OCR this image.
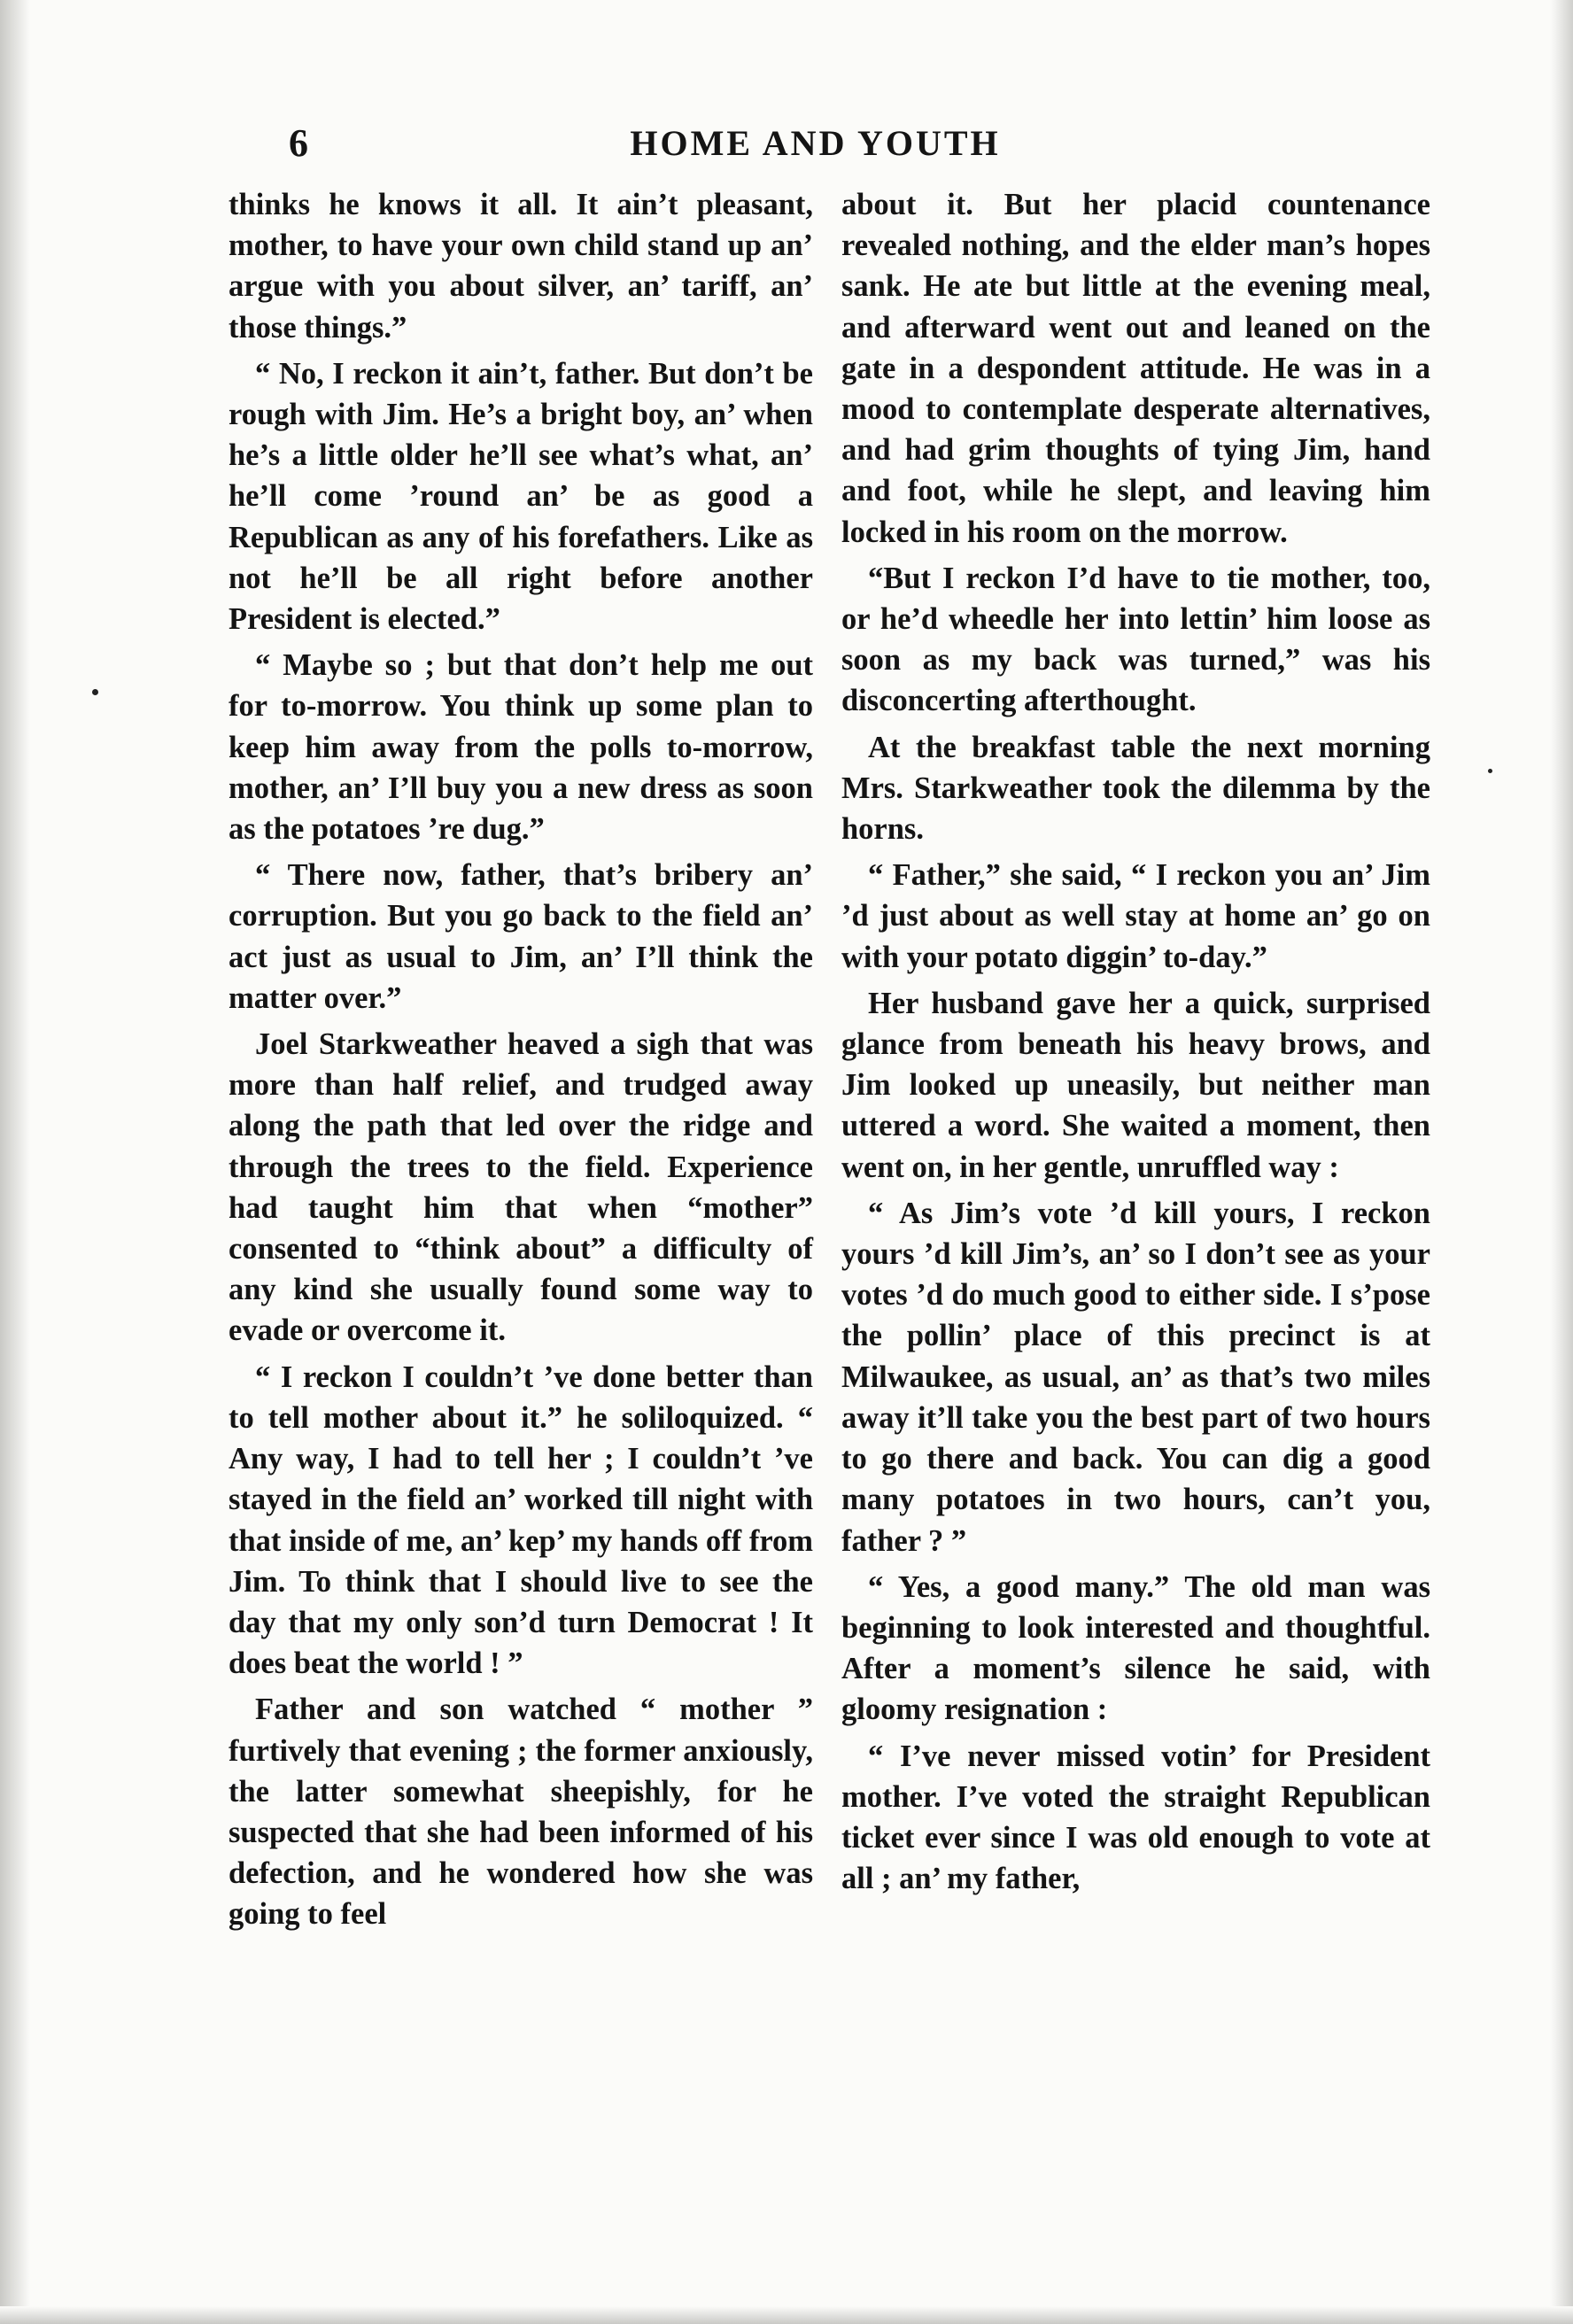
6	HOME AND YOUTH

thinks he knows it all. It ain’t pleasant, mother, to have your own child stand up an’ argue with you about silver, an’ tariff, an’ those things.”

“ No, I reckon it ain’t, father. But don’t be rough with Jim. He’s a bright boy, an’ when he’s a little older he’ll see what’s what, an’ he’ll come ’round an’ be as good a Republican as any of his forefathers. Like as not he’ll be all right before another President is elected.”

“ Maybe so ; but that don’t help me out for to-morrow. You think up some plan to keep him away from the polls to-morrow, mother, an’ I’ll buy you a new dress as soon as the potatoes ’re dug.”

“ There now, father, that’s bribery an’ corruption. But you go back to the field an’ act just as usual to Jim, an’ I’ll think the matter over.”

Joel Starkweather heaved a sigh that was more than half relief, and trudged away along the path that led over the ridge and through the trees to the field. Experience had taught him that when “mother” consented to “think about” a difficulty of any kind she usually found some way to evade or overcome it.

“ I reckon I couldn’t ’ve done better than to tell mother about it.” he soliloquized. “ Any way, I had to tell her ; I couldn’t ’ve stayed in the field an’ worked till night with that inside of me, an’ kep’ my hands off from Jim. To think that I should live to see the day that my only son’d turn Democrat ! It does beat the world ! ”

Father and son watched “ mother ” furtively that evening ; the former anxiously, the latter somewhat sheepishly, for he suspected that she had been informed of his defection, and he wondered how she was going to feel

about it. But her placid countenance revealed nothing, and the elder man’s hopes sank. He ate but little at the evening meal, and afterward went out and leaned on the gate in a despondent attitude. He was in a mood to contemplate desperate alternatives, and had grim thoughts of tying Jim, hand and foot, while he slept, and leaving him locked in his room on the morrow.

“But I reckon I’d have to tie mother, too, or he’d wheedle her into lettin’ him loose as soon as my back was turned,” was his disconcerting afterthought.

At the breakfast table the next morning Mrs. Starkweather took the dilemma by the horns.

“ Father,” she said, “ I reckon you an’ Jim ’d just about as well stay at home an’ go on with your potato diggin’ to-day.”

Her husband gave her a quick, surprised glance from beneath his heavy brows, and Jim looked up uneasily, but neither man uttered a word. She waited a moment, then went on, in her gentle, unruffled way :

“ As Jim’s vote ’d kill yours, I reckon yours ’d kill Jim’s, an’ so I don’t see as your votes ’d do much good to either side. I s’pose the pollin’ place of this precinct is at Milwaukee, as usual, an’ as that’s two miles away it’ll take you the best part of two hours to go there and back. You can dig a good many potatoes in two hours, can’t you, father ? ”

“ Yes, a good many.” The old man was beginning to look interested and thoughtful. After a moment’s silence he said, with gloomy resignation :

“ I’ve never missed votin’ for President mother. I’ve voted the straight Republican ticket ever since I was old enough to vote at all ; an’ my father,
